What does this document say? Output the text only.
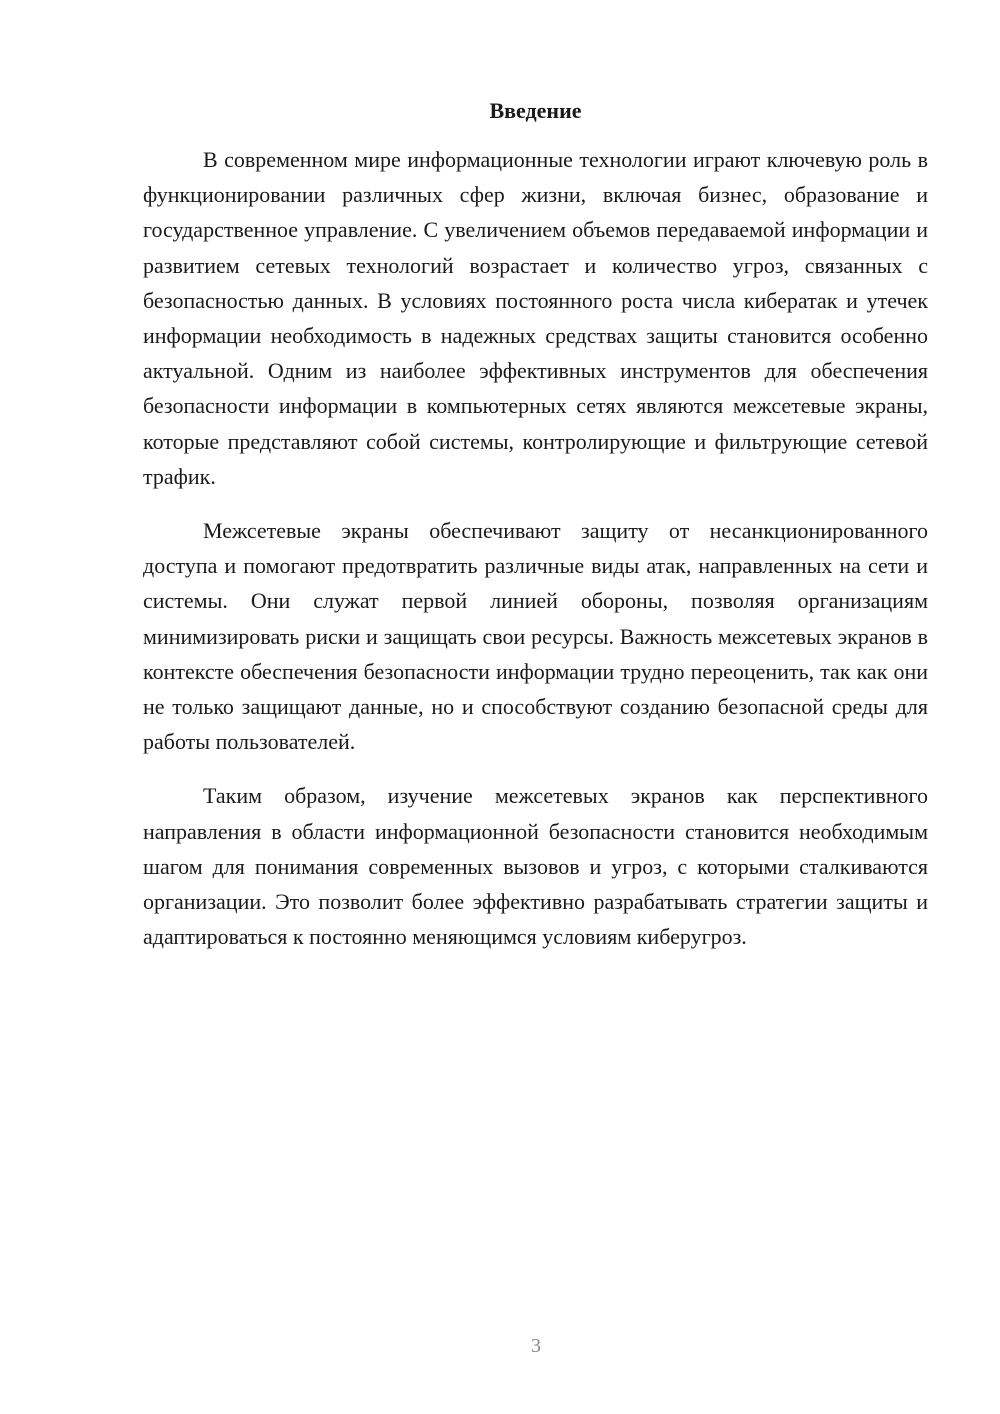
Введение

В современном мире информационные технологии играют ключевую роль в функционировании различных сфер жизни, включая бизнес, образование и государственное управление. С увеличением объемов передаваемой информации и развитием сетевых технологий возрастает и количество угроз, связанных с безопасностью данных. В условиях постоянного роста числа кибератак и утечек информации необходимость в надежных средствах защиты становится особенно актуальной. Одним из наиболее эффективных инструментов для обеспечения безопасности информации в компьютерных сетях являются межсетевые экраны, которые представляют собой системы, контролирующие и фильтрующие сетевой трафик.

Межсетевые экраны обеспечивают защиту от несанкционированного доступа и помогают предотвратить различные виды атак, направленных на сети и системы. Они служат первой линией обороны, позволяя организациям минимизировать риски и защищать свои ресурсы. Важность межсетевых экранов в контексте обеспечения безопасности информации трудно переоценить, так как они не только защищают данные, но и способствуют созданию безопасной среды для работы пользователей.

Таким образом, изучение межсетевых экранов как перспективного направления в области информационной безопасности становится необходимым шагом для понимания современных вызовов и угроз, с которыми сталкиваются организации. Это позволит более эффективно разрабатывать стратегии защиты и адаптироваться к постоянно меняющимся условиям киберугроз.

3
